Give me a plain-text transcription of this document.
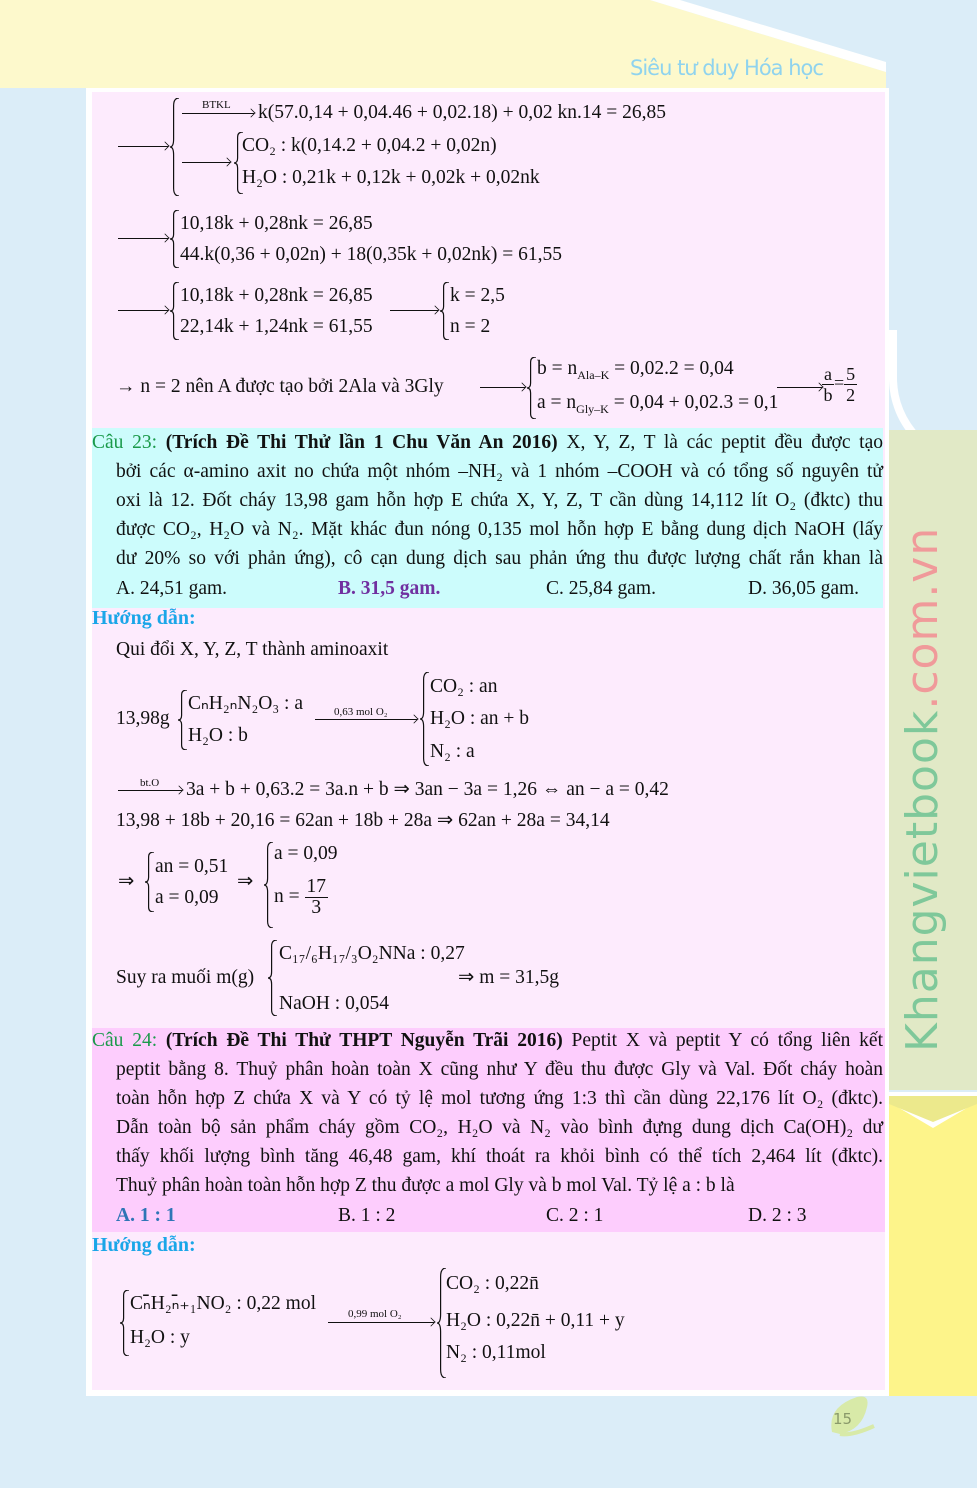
Siêu tư duy Hóa học
Khangvietbook.com.vn
15
BTKL k(57.0,14 + 0,04.46 + 0,02.18) + 0,02 kn.14 = 26,85
CO₂ : k(0,14.2 + 0,04.2 + 0,02n)
H₂O : 0,21k + 0,12k + 0,02k + 0,02nk
10,18k + 0,28nk = 26,85
44.k(0,36 + 0,02n) + 18(0,35k + 0,02nk) = 61,55
10,18k + 0,28nk = 26,85
22,14k + 1,24nk = 61,55
k = 2,5
n = 2
→ n = 2 nên A được tạo bởi 2Ala và 3Gly
$b = n_{Ala-K} = 0,02.2 = 0,04$
$a = n_{Gly-K} = 0,04 + 0,02.3 = 0,1 \frac{a}{b} = \frac{5}{2}$
Câu 23: (Trích Đề Thi Thử lần 1 Chu Văn An 2016) X, Y, Z, T là các peptit đều được tạo
bởi các α-amino axit no chứa một nhóm –NH₂ và 1 nhóm –COOH và có tổng số nguyên tử
oxi là 12. Đốt cháy 13,98 gam hỗn hợp E chứa X, Y, Z, T cần dùng 14,112 lít O₂ (đktc) thu
được CO₂, H₂O và N₂. Mặt khác đun nóng 0,135 mol hỗn hợp E bằng dung dịch NaOH (lấy
dư 20% so với phản ứng), cô cạn dung dịch sau phản ứng thu được lượng chất rắn khan là
A. 24,51 gam.	B. 31,5 gam.	C. 25,84 gam.	D. 36,05 gam.
Hướng dẫn:
Qui đổi X, Y, Z, T thành aminoaxit
13,98g
CₙH₂ₙN₂O₃ : a
H₂O : b
0,63 mol O₂
CO₂ : an
H₂O : an + b
N₂ : a
bt.O 3a + b + 0,63.2 = 3a.n + b ⇒ 3an − 3a = 1,26 ⇔ an − a = 0,42
13,98 + 18b + 20,16 = 62an + 18b + 28a ⇒ 62an + 28a = 34,14
⇒
an = 0,51
a = 0,09
⇒
a = 0,09
$n = \frac{17}{3}$
Suy ra muối m(g)
C₁₇/₆H₁₇/₃O₂NNa : 0,27
NaOH : 0,054
⇒ m = 31,5g
Câu 24: (Trích Đề Thi Thử THPT Nguyễn Trãi 2016) Peptit X và peptit Y có tổng liên kết
peptit bằng 8. Thuỷ phân hoàn toàn X cũng như Y đều thu được Gly và Val. Đốt cháy hoàn
toàn hỗn hợp Z chứa X và Y có tỷ lệ mol tương ứng 1:3 thì cần dùng 22,176 lít O₂ (đktc).
Dẫn toàn bộ sản phẩm cháy gồm CO₂, H₂O và N₂ vào bình đựng dung dịch Ca(OH)₂ dư
thấy khối lượng bình tăng 46,48 gam, khí thoát ra khỏi bình có thể tích 2,464 lít (đktc).
Thuỷ phân hoàn toàn hỗn hợp Z thu được a mol Gly và b mol Val. Tỷ lệ a : b là
A. 1 : 1	B. 1 : 2	C. 2 : 1	D. 2 : 3
Hướng dẫn:
Cₙ̄H₂ₙ̄₊₁NO₂ : 0,22 mol
H₂O : y
0,99 mol O₂
CO₂ : 0,22n̄
H₂O : 0,22n̄ + 0,11 + y
N₂ : 0,11mol
